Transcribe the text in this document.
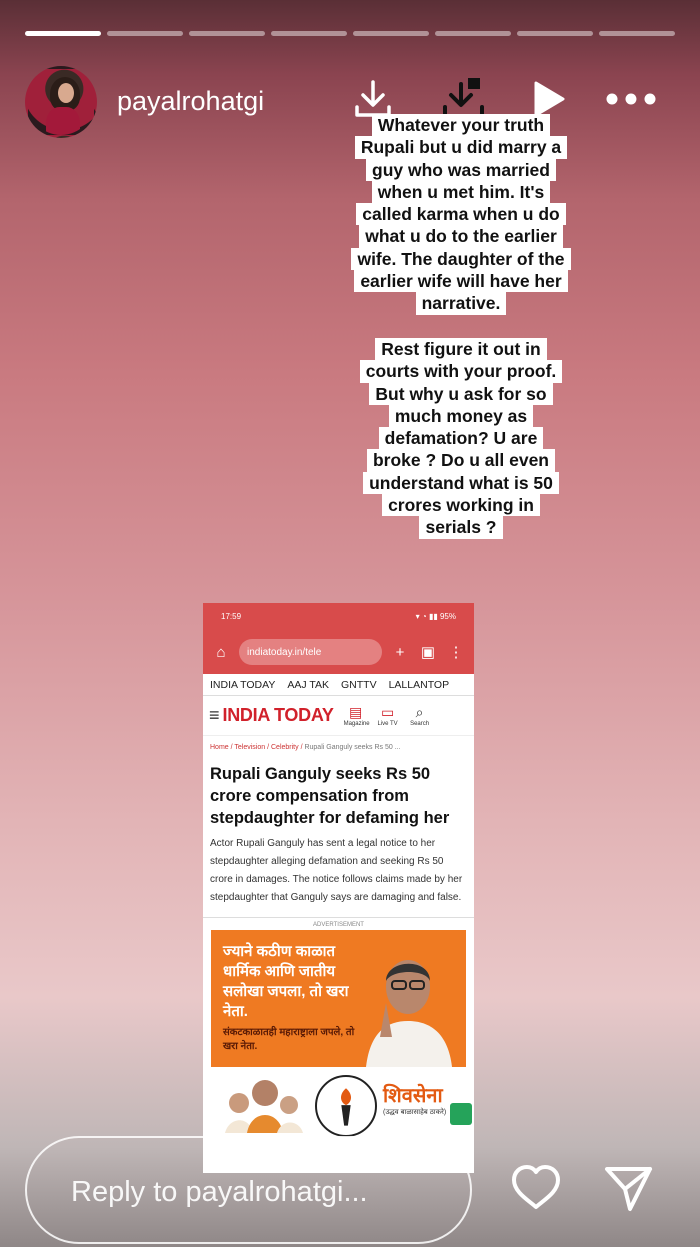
payalrohatgi
Whatever your truth
Rupali but u did marry a
guy who was married
when u met him. It's
called karma when u do
what u do to the earlier
wife. The daughter of the
earlier wife will have her
narrative.

Rest figure it out in
courts with your proof.
But why u ask for so
much money as
defamation? U are
broke ? Do u all even
understand what is 50
crores working in
serials ?

17:59	▾ ◔ ▮▮ 95%
⌂	indiatoday.in/tele	+	▣ ⋮
INDIA TODAY AAJ TAK GNTTV LALLANTOP
≡ INDIA TODAY	▤
Magazine
▭
Live TV
⌕
Search
Home / Television / Celebrity / Rupali Ganguly seeks Rs 50 ...
Rupali Ganguly seeks Rs 50 crore compensation from stepdaughter for defaming her
Actor Rupali Ganguly has sent a legal notice to her stepdaughter alleging defamation and seeking Rs 50 crore in damages. The notice follows claims made by her stepdaughter that Ganguly says are damaging and false.
ADVERTISEMENT
ज्याने कठीण काळात धार्मिक आणि जातीय सलोखा जपला, तो खरा नेता.
संकटकाळातही महाराष्ट्राला जपले, तो खरा नेता.
शिवसेना
(उद्धव बाळासाहेब ठाकरे)
Reply to payalrohatgi...
